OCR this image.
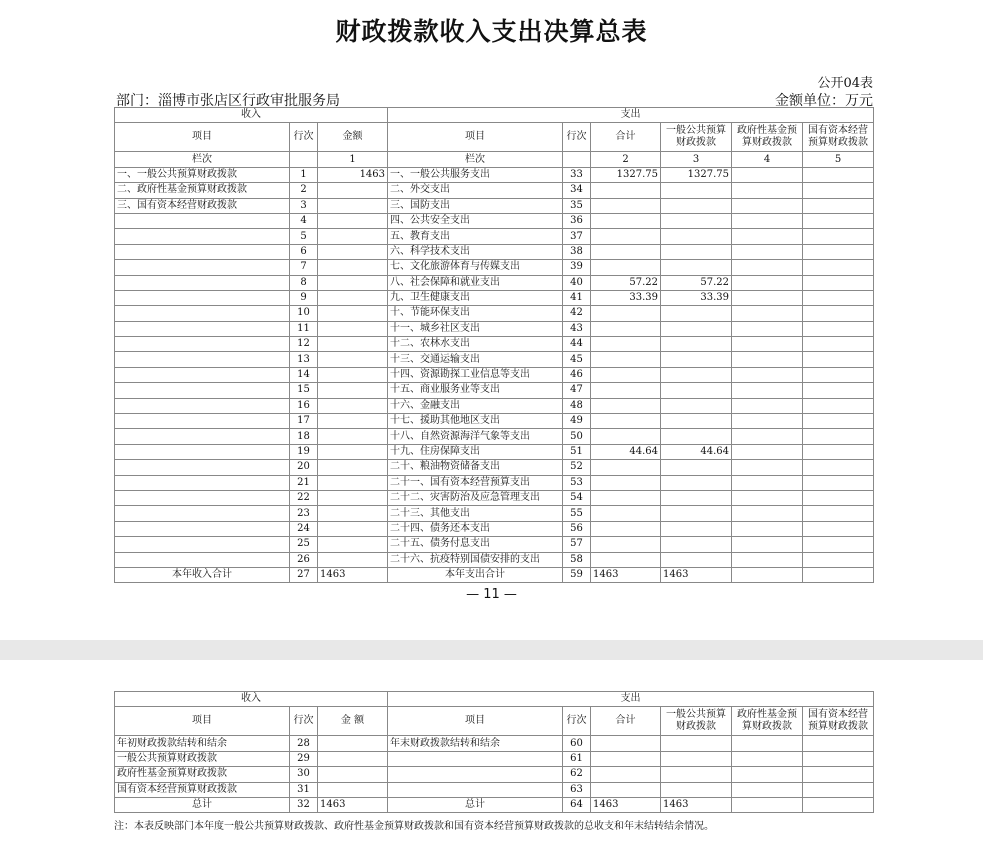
财政拨款收入支出决算总表
公开04表
部门：淄博市张店区行政审批服务局	金额单位：万元
收入			支出					
项目	行次	金额	项目	行次	合计	一般公共预算财政拨款	政府性基金预算财政拨款	国有资本经营预算财政拨款
栏次		1	栏次		2	3	4	5
一、一般公共预算财政拨款	1	1463	一、一般公共服务支出	33	1327.75	1327.75		
二、政府性基金预算财政拨款	2		二、外交支出	34				
三、国有资本经营财政拨款	3		三、国防支出	35				
	4		四、公共安全支出	36				
	5		五、教育支出	37				
	6		六、科学技术支出	38				
	7		七、文化旅游体育与传媒支出	39				
	8		八、社会保障和就业支出	40	57.22	57.22		
	9		九、卫生健康支出	41	33.39	33.39		
	10		十、节能环保支出	42				
	11		十一、城乡社区支出	43				
	12		十二、农林水支出	44				
	13		十三、交通运输支出	45				
	14		十四、资源勘探工业信息等支出	46				
	15		十五、商业服务业等支出	47				
	16		十六、金融支出	48				
	17		十七、援助其他地区支出	49				
	18		十八、自然资源海洋气象等支出	50				
	19		十九、住房保障支出	51	44.64	44.64		
	20		二十、粮油物资储备支出	52				
	21		二十一、国有资本经营预算支出	53				
	22		二十二、灾害防治及应急管理支出	54				
	23		二十三、其他支出	55				
	24		二十四、债务还本支出	56				
	25		二十五、债务付息支出	57				
	26		二十六、抗疫特别国债安排的支出	58				
本年收入合计	27	1463	本年支出合计	59	1463	1463		
— 11 —
收入			支出					
项目	行次	金 额	项目	行次	合计	一般公共预算财政拨款	政府性基金预算财政拨款	国有资本经营预算财政拨款
年初财政拨款结转和结余	28		年末财政拨款结转和结余	60				
一般公共预算财政拨款	29			61				
政府性基金预算财政拨款	30			62				
国有资本经营预算财政拨款	31			63				
总计	32	1463	总计	64	1463	1463		
注：本表反映部门本年度一般公共预算财政拨款、政府性基金预算财政拨款和国有资本经营预算财政拨款的总收支和年末结转结余情况。
